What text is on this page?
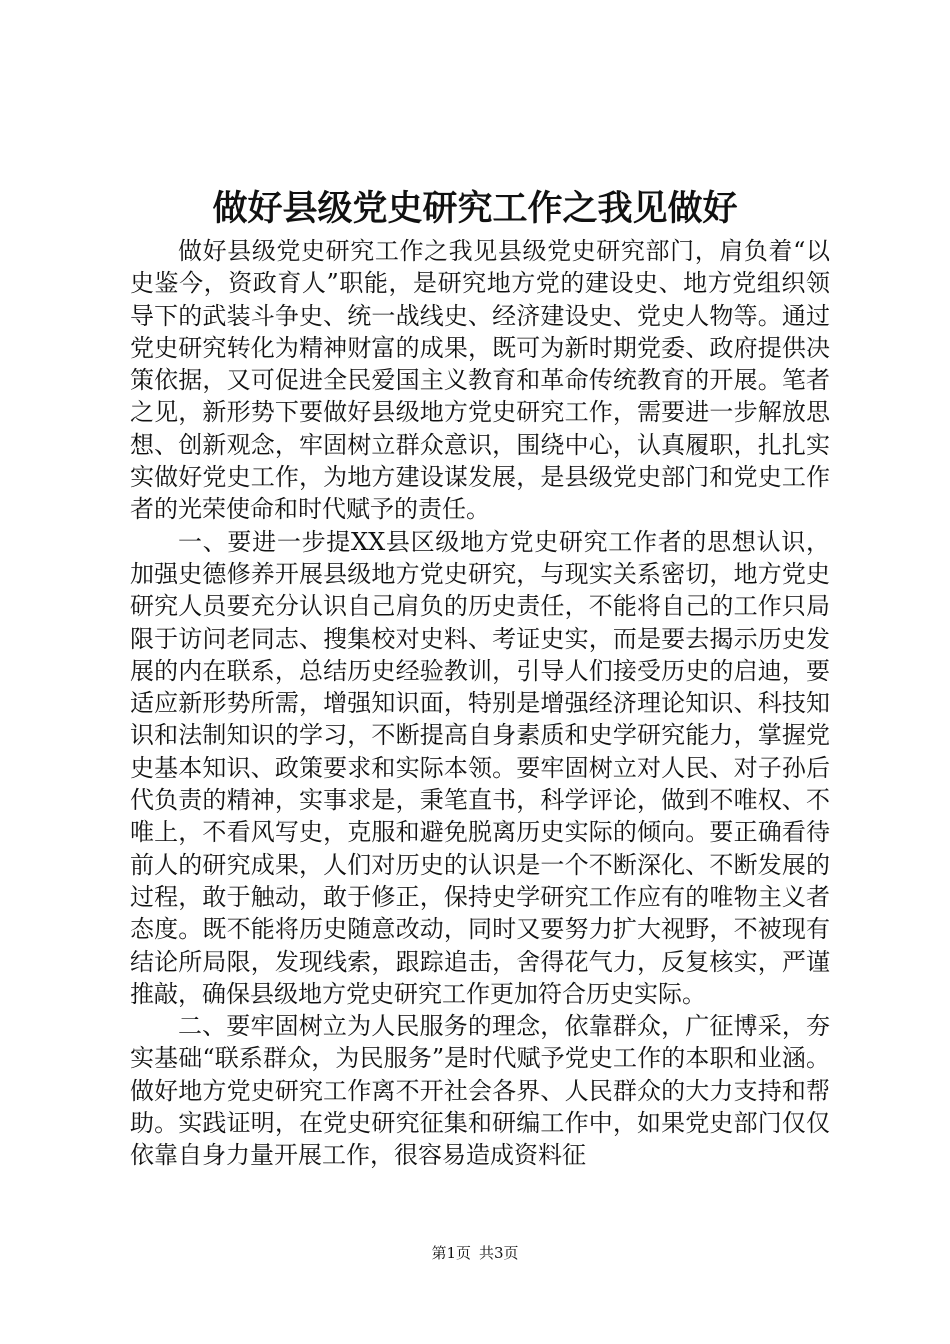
做好县级党史研究工作之我见做好

做好县级党史研究工作之我见县级党史研究部门，肩负着“以史鉴今，资政育人”职能，是研究地方党的建设史、地方党组织领导下的武装斗争史、统一战线史、经济建设史、党史人物等。通过党史研究转化为精神财富的成果，既可为新时期党委、政府提供决策依据，又可促进全民爱国主义教育和革命传统教育的开展。笔者之见，新形势下要做好县级地方党史研究工作，需要进一步解放思想、创新观念，牢固树立群众意识，围绕中心，认真履职，扎扎实实做好党史工作，为地方建设谋发展，是县级党史部门和党史工作者的光荣使命和时代赋予的责任。

一、要进一步提XX县区级地方党史研究工作者的思想认识，加强史德修养开展县级地方党史研究，与现实关系密切，地方党史研究人员要充分认识自己肩负的历史责任，不能将自己的工作只局限于访问老同志、搜集校对史料、考证史实，而是要去揭示历史发展的内在联系，总结历史经验教训，引导人们接受历史的启迪，要适应新形势所需，增强知识面，特别是增强经济理论知识、科技知识和法制知识的学习，不断提高自身素质和史学研究能力，掌握党史基本知识、政策要求和实际本领。要牢固树立对人民、对子孙后代负责的精神，实事求是，秉笔直书，科学评论，做到不唯权、不唯上，不看风写史，克服和避免脱离历史实际的倾向。要正确看待前人的研究成果，人们对历史的认识是一个不断深化、不断发展的过程，敢于触动，敢于修正，保持史学研究工作应有的唯物主义者态度。既不能将历史随意改动，同时又要努力扩大视野，不被现有结论所局限，发现线索，跟踪追击，舍得花气力，反复核实，严谨推敲，确保县级地方党史研究工作更加符合历史实际。

二、要牢固树立为人民服务的理念，依靠群众，广征博采，夯实基础“联系群众，为民服务”是时代赋予党史工作的本职和业涵。做好地方党史研究工作离不开社会各界、人民群众的大力支持和帮助。实践证明，在党史研究征集和研编工作中，如果党史部门仅仅依靠自身力量开展工作，很容易造成资料征

第1页 共3页
